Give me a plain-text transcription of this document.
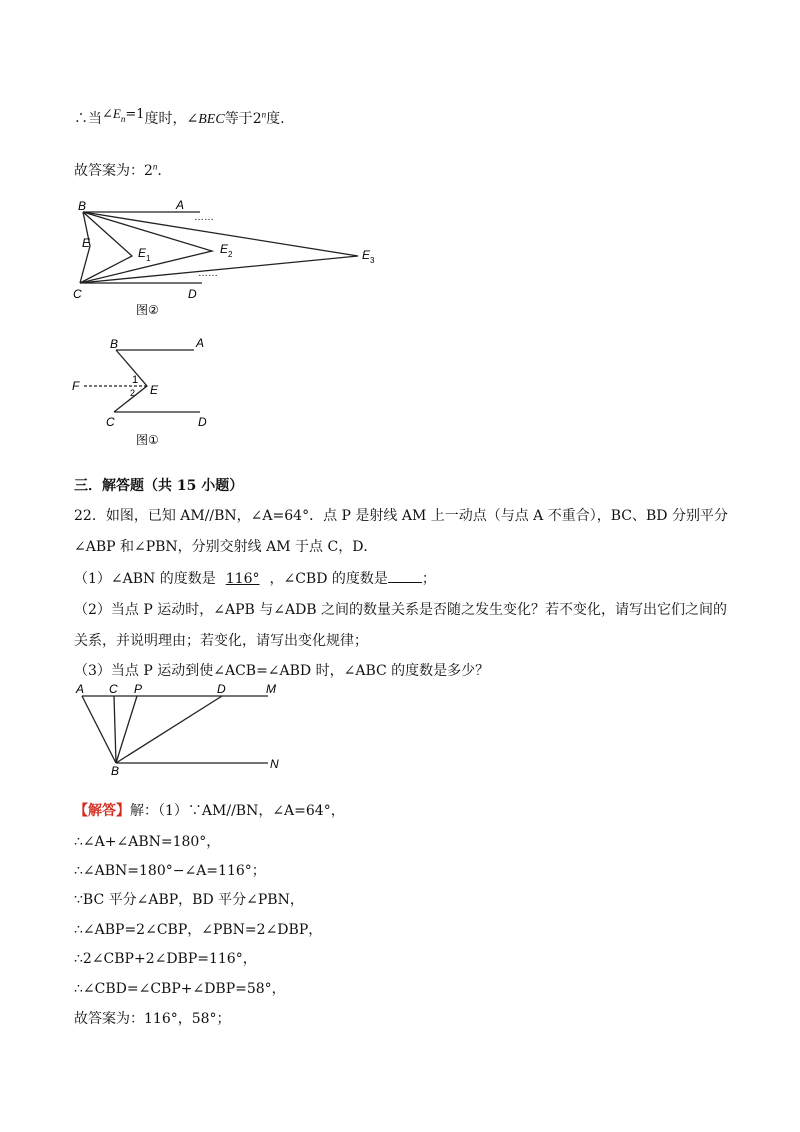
∴当$\angle E_n=1$度时，∠BEC等于2$^n$度.
故答案为：2$^n$.
B	A
……
E
E 1
E 2	E 3
……
C	D
图②
B	A
F	1
2 E
C	D
图①
三．解答题（共 15 小题）
22．如图，已知 AM//BN，∠A=64°．点 P 是射线 AM 上一动点（与点 A 不重合），BC、BD 分别平分
∠ABP 和∠PBN，分别交射线 AM 于点 C，D．
（1）∠ABN 的度数是 116° ，∠CBD 的度数是 ；
（2）当点 P 运动时，∠APB 与∠ADB 之间的数量关系是否随之发生变化？若不变化，请写出它们之间的
关系，并说明理由；若变化，请写出变化规律；
（3）当点 P 运动到使∠ACB=∠ABD 时，∠ABC 的度数是多少？
A C P	D	M
B	N
【解答】解：（1）∵AM//BN，∠A=64°，
∴∠A+∠ABN=180°，
∴∠ABN=180°−∠A=116°；
∵BC 平分∠ABP，BD 平分∠PBN，
∴∠ABP=2∠CBP，∠PBN=2∠DBP，
∴2∠CBP+2∠DBP=116°，
∴∠CBD=∠CBP+∠DBP=58°，
故答案为：116°，58°；
